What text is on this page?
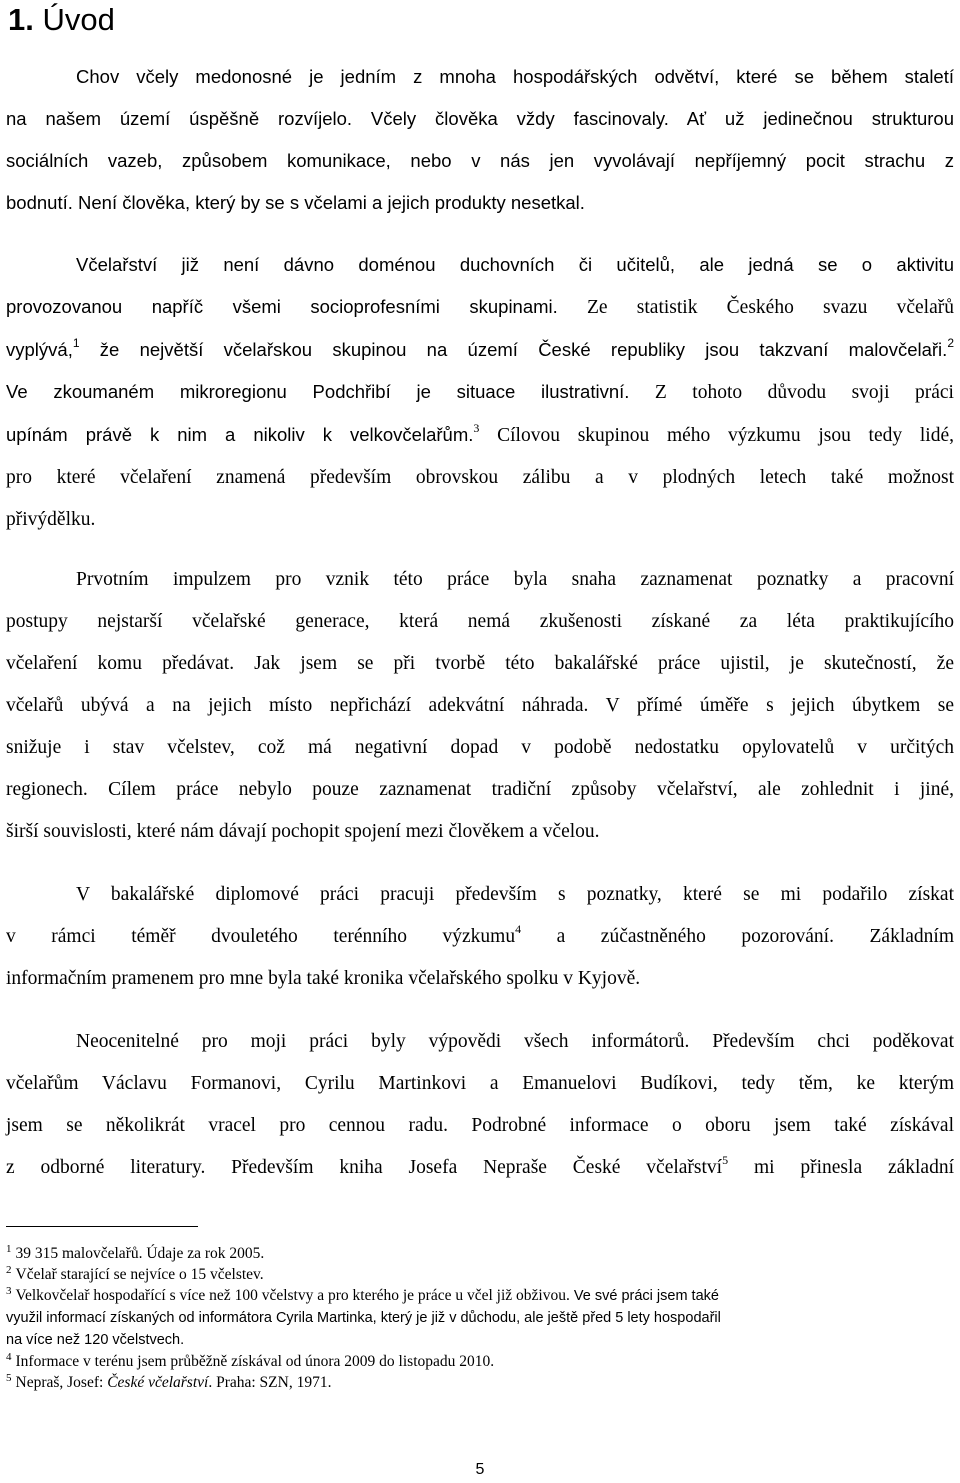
1. Úvod

Chov včely medonosné je jedním z mnoha hospodářských odvětví, které se během staletí
na našem území úspěšně rozvíjelo. Včely člověka vždy fascinovaly. Ať už jedinečnou strukturou
sociálních vazeb, způsobem komunikace, nebo v nás jen vyvolávají nepříjemný pocit strachu z
bodnutí. Není člověka, který by se s včelami a jejich produkty nesetkal.

Včelařství již není dávno doménou duchovních či učitelů, ale jedná se o aktivitu
provozovanou napříč všemi socioprofesními skupinami. Ze statistik Českého svazu včelařů
vyplývá,$^1$ že největší včelařskou skupinou na území České republiky jsou takzvaní malovčelaři.$^2$
Ve zkoumaném mikroregionu Podchřibí je situace ilustrativní. Z tohoto důvodu svoji práci
upínám právě k nim a nikoliv k velkovčelařům.$^3$ Cílovou skupinou mého výzkumu jsou tedy lidé,
pro které včelaření znamená především obrovskou zálibu a v plodných letech také možnost
přivýdělku.

Prvotním impulzem pro vznik této práce byla snaha zaznamenat poznatky a pracovní
postupy nejstarší včelařské generace, která nemá zkušenosti získané za léta praktikujícího
včelaření komu předávat. Jak jsem se při tvorbě této bakalářské práce ujistil, je skutečností, že
včelařů ubývá a na jejich místo nepřichází adekvátní náhrada. V přímé úměře s jejich úbytkem se
snižuje i stav včelstev, což má negativní dopad v podobě nedostatku opylovatelů v určitých
regionech. Cílem práce nebylo pouze zaznamenat tradiční způsoby včelařství, ale zohlednit i jiné,
širší souvislosti, které nám dávají pochopit spojení mezi člověkem a včelou.

V bakalářské diplomové práci pracuji především s poznatky, které se mi podařilo získat
v rámci téměř dvouletého terénního výzkumu$^4$ a zúčastněného pozorování. Základním
informačním pramenem pro mne byla také kronika včelařského spolku v Kyjově.

Neocenitelné pro moji práci byly výpovědi všech informátorů. Především chci poděkovat
včelařům Václavu Formanovi, Cyrilu Martinkovi a Emanuelovi Budíkovi, tedy těm, ke kterým
jsem se několikrát vracel pro cennou radu. Podrobné informace o oboru jsem také získával
z odborné literatury. Především kniha Josefa Nepraše České včelařství$^5$ mi přinesla základní

$^1$ 39 315 malovčelařů. Údaje za rok 2005.
$^2$ Včelař starající se nejvíce o 15 včelstev.
$^3$ Velkovčelař hospodařící s více než 100 včelstvy a pro kterého je práce u včel již obživou. Ve své práci jsem také
využil informací získaných od informátora Cyrila Martinka, který je již v důchodu, ale ještě před 5 lety hospodařil
na více než 120 včelstvech.
$^4$ Informace v terénu jsem průběžně získával od února 2009 do listopadu 2010.
$^5$ Nepraš, Josef: České včelařství. Praha: SZN, 1971.
5
